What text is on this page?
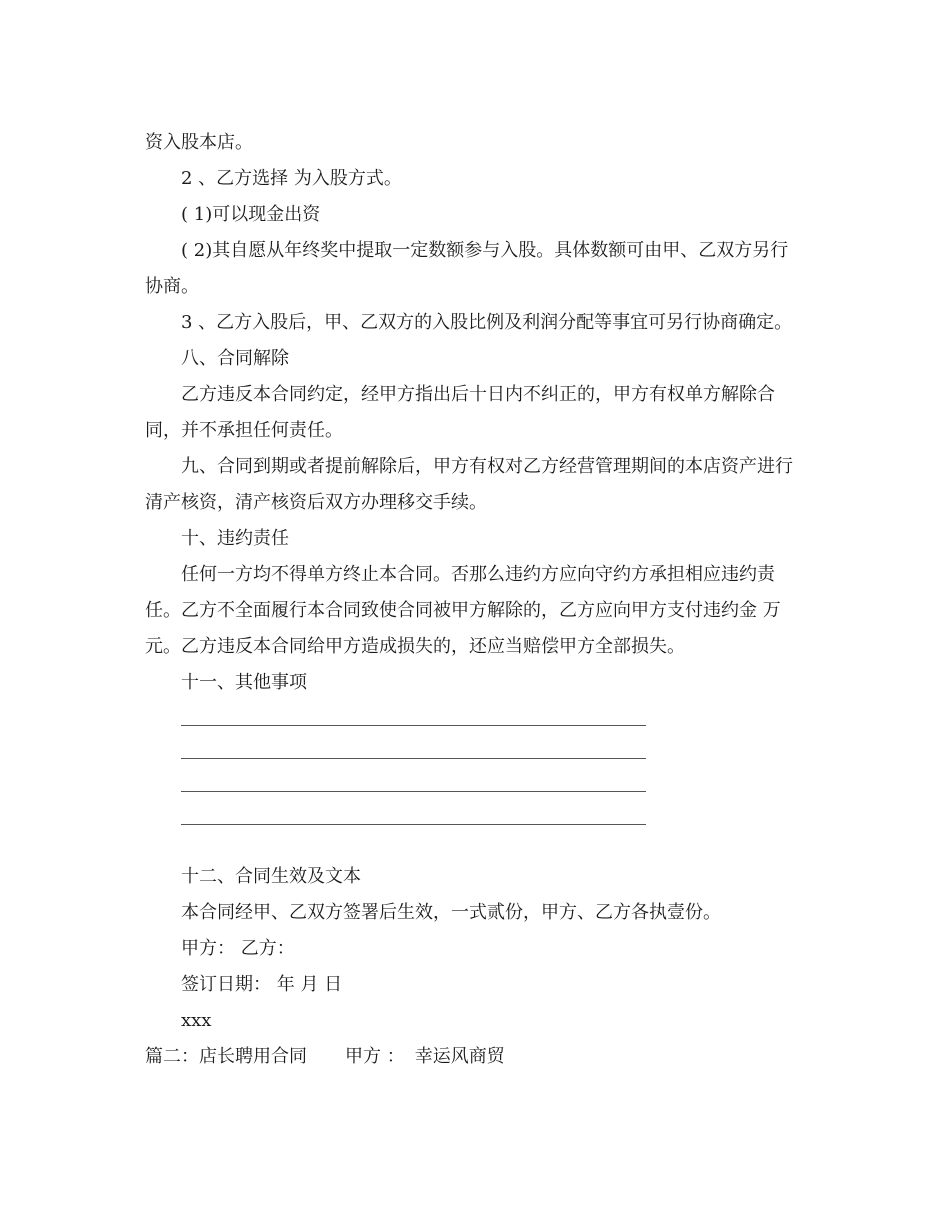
资入股本店。

2 、乙方选择 为入股方式。

( 1)可以现金出资

( 2)其自愿从年终奖中提取一定数额参与入股。具体数额可由甲、乙双方另行协商。

3 、乙方入股后，甲、乙双方的入股比例及利润分配等事宜可另行协商确定。

八、合同解除

乙方违反本合同约定，经甲方指出后十日内不纠正的，甲方有权单方解除合同，并不承担任何责任。

九、合同到期或者提前解除后，甲方有权对乙方经营管理期间的本店资产进行清产核资，清产核资后双方办理移交手续。

十、违约责任

任何一方均不得单方终止本合同。否那么违约方应向守约方承担相应违约责任。乙方不全面履行本合同致使合同被甲方解除的，乙方应向甲方支付违约金 万元。乙方违反本合同给甲方造成损失的，还应当赔偿甲方全部损失。

十一、其他事项

十二、合同生效及文本

本合同经甲、乙双方签署后生效，一式贰份，甲方、乙方各执壹份。

甲方： 乙方：

签订日期： 年 月 日

xxx

篇二：店长聘用合同 甲方 ： 幸运风商贸
